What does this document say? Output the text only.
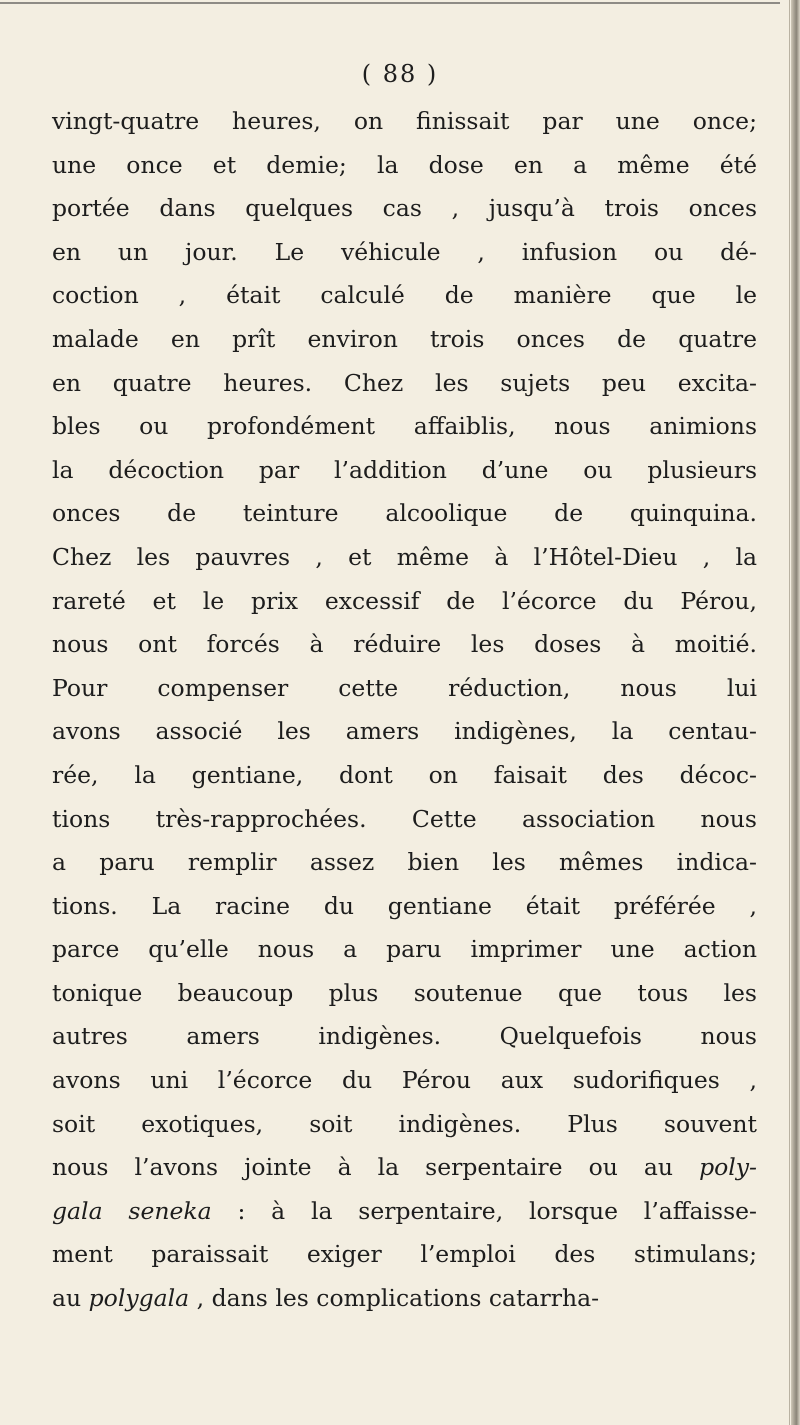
( 88 )
vingt-quatre heures, on finissait par une once;
une once et demie; la dose en a même été
portée dans quelques cas , jusqu’à trois onces
en un jour. Le véhicule , infusion ou dé-
coction , était calculé de manière que le
malade en prît environ trois onces de quatre
en quatre heures. Chez les sujets peu excita-
bles ou profondément affaiblis, nous animions
la décoction par l’addition d’une ou plusieurs
onces de teinture alcoolique de quinquina.
Chez les pauvres , et même à l’Hôtel-Dieu , la
rareté et le prix excessif de l’écorce du Pérou,
nous ont forcés à réduire les doses à moitié.
Pour compenser cette réduction, nous lui
avons associé les amers indigènes, la centau-
rée, la gentiane, dont on faisait des décoc-
tions très-rapprochées. Cette association nous
a paru remplir assez bien les mêmes indica-
tions. La racine du gentiane était préférée ,
parce qu’elle nous a paru imprimer une action
tonique beaucoup plus soutenue que tous les
autres amers indigènes. Quelquefois nous
avons uni l’écorce du Pérou aux sudorifiques ,
soit exotiques, soit indigènes. Plus souvent
nous l’avons jointe à la serpentaire ou au poly-
gala seneka : à la serpentaire, lorsque l’affaisse-
ment paraissait exiger l’emploi des stimulans;
au polygala , dans les complications catarrha-
